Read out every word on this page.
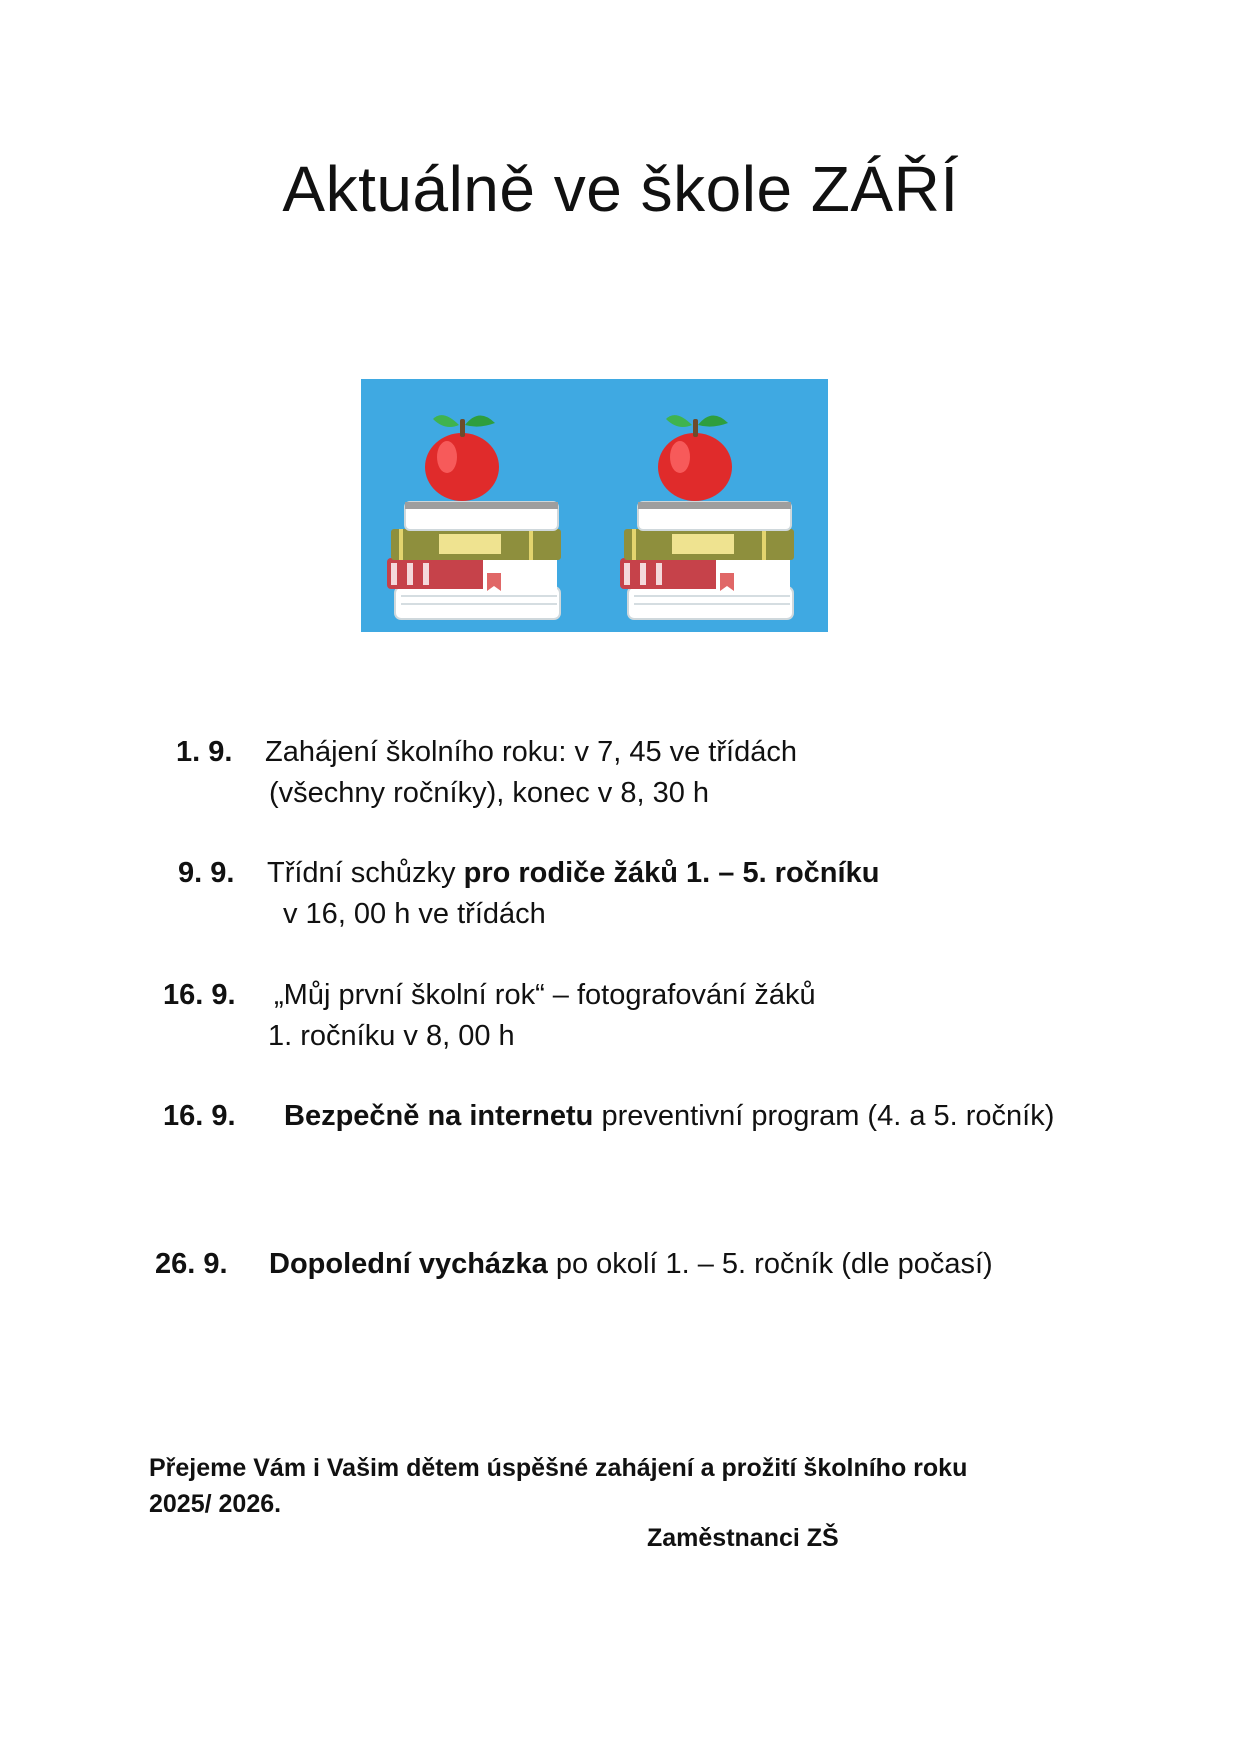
Aktuálně ve škole ZÁŘÍ
1. 9. Zahájení školního roku: v 7, 45 ve třídách
(všechny ročníky), konec v 8, 30 h
9. 9. Třídní schůzky pro rodiče žáků 1. – 5. ročníku
v 16, 00 h ve třídách
16. 9. „Můj první školní rok“ – fotografování žáků
1. ročníku v 8, 00 h
16. 9. Bezpečně na internetu preventivní program (4. a 5. ročník)
26. 9. Dopolední vycházka po okolí 1. – 5. ročník (dle počasí)
Přejeme Vám i Vašim dětem úspěšné zahájení a prožití školního roku
2025/ 2026.
Zaměstnanci ZŠ
